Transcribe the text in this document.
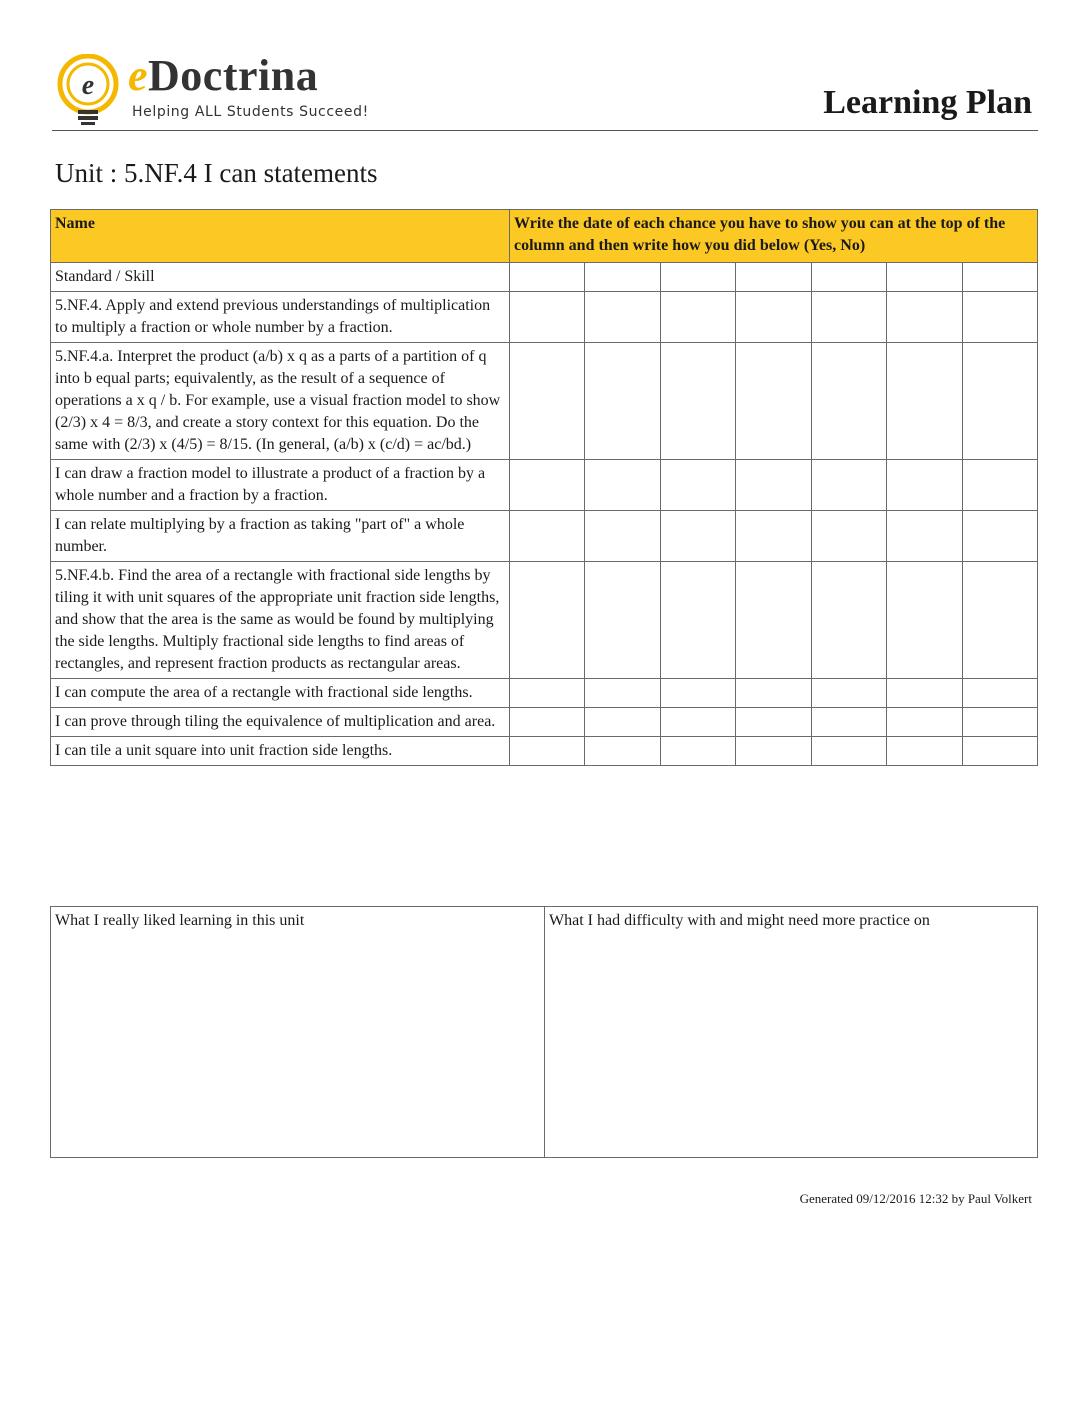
e eDoctrina
Helping ALL Students Succeed!	Learning Plan
Unit : 5.NF.4 I can statements
Name	Write the date of each chance you have to show you can at the top of the column and then write how you did below (Yes, No)						
Standard / Skill							
5.NF.4. Apply and extend previous understandings of multiplication to multiply a fraction or whole number by a fraction.							
5.NF.4.a. Interpret the product (a/b) x q as a parts of a partition of q into b equal parts; equivalently, as the result of a sequence of operations a x q / b. For example, use a visual fraction model to show (2/3) x 4 = 8/3, and create a story context for this equation. Do the same with (2/3) x (4/5) = 8/15. (In general, (a/b) x (c/d) = ac/bd.)							
I can draw a fraction model to illustrate a product of a fraction by a whole number and a fraction by a fraction.							
I can relate multiplying by a fraction as taking "part of" a whole number.							
5.NF.4.b. Find the area of a rectangle with fractional side lengths by tiling it with unit squares of the appropriate unit fraction side lengths, and show that the area is the same as would be found by multiplying the side lengths. Multiply fractional side lengths to find areas of rectangles, and represent fraction products as rectangular areas.							
I can compute the area of a rectangle with fractional side lengths.							
I can prove through tiling the equivalence of multiplication and area.							
I can tile a unit square into unit fraction side lengths.							
What I really liked learning in this unit	What I had difficulty with and might need more practice on
Generated 09/12/2016 12:32 by Paul Volkert
